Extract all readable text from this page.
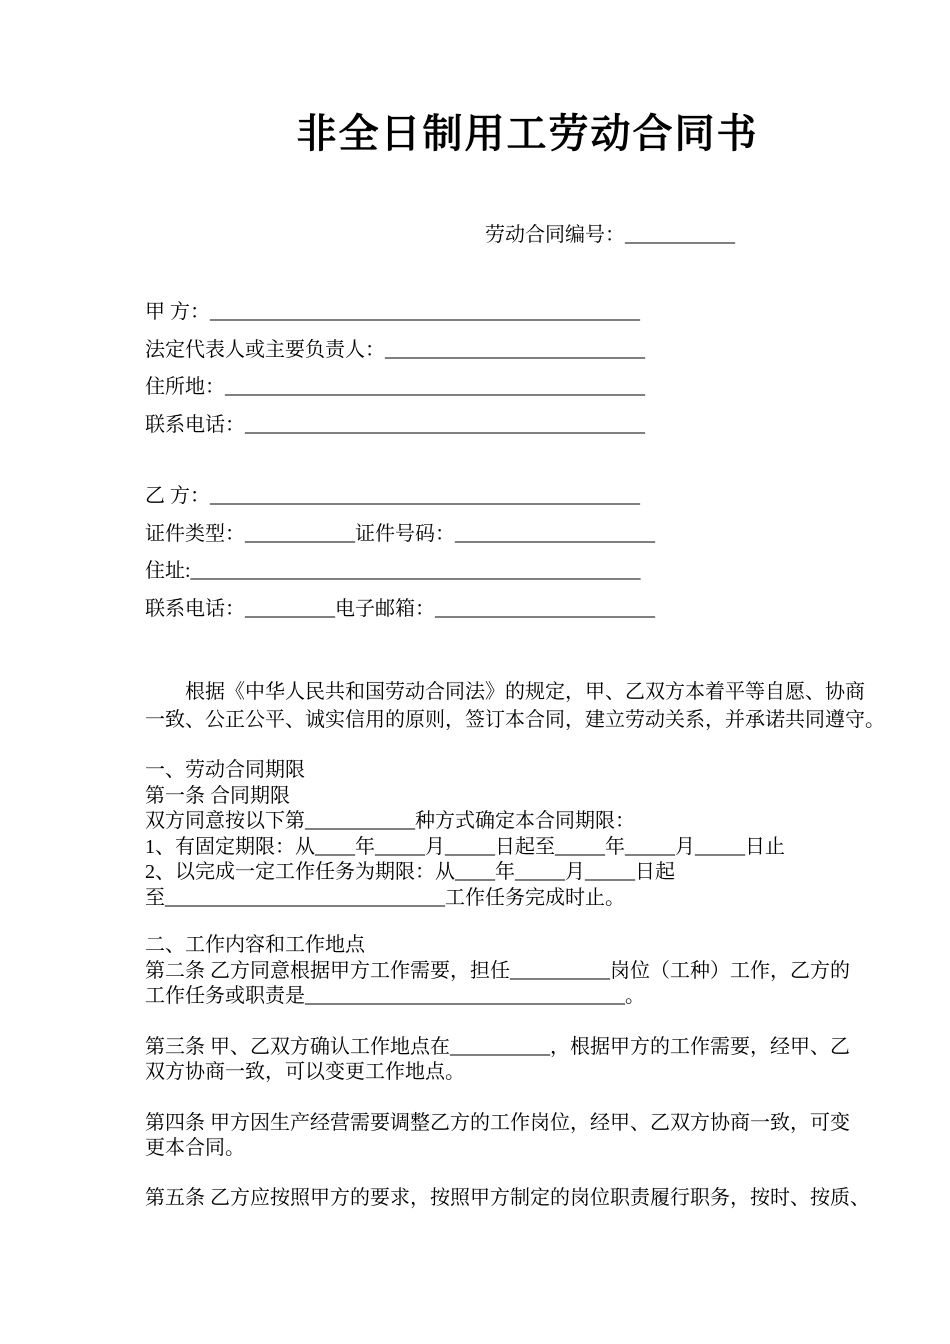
非全日制用工劳动合同书
劳动合同编号：___________
甲 方：___________________________________________
法定代表人或主要负责人：__________________________
住所地：__________________________________________
联系电话：________________________________________
乙 方：___________________________________________
证件类型：___________证件号码：____________________
住址:_____________________________________________
联系电话：_________电子邮箱：______________________
根据《中华人民共和国劳动合同法》的规定，甲、乙双方本着平等自愿、协商
一致、公正公平、诚实信用的原则，签订本合同，建立劳动关系，并承诺共同遵守。
一、劳动合同期限
第一条 合同期限
双方同意按以下第___________种方式确定本合同期限：
1、有固定期限：从____年_____月_____日起至_____年_____月_____日止
2、以完成一定工作任务为期限：从____年_____月_____日起
至____________________________工作任务完成时止。
二、工作内容和工作地点
第二条 乙方同意根据甲方工作需要，担任__________岗位（工种）工作，乙方的
工作任务或职责是________________________________。
第三条 甲、乙双方确认工作地点在__________，根据甲方的工作需要，经甲、乙
双方协商一致，可以变更工作地点。
第四条 甲方因生产经营需要调整乙方的工作岗位，经甲、乙双方协商一致，可变
更本合同。
第五条 乙方应按照甲方的要求，按照甲方制定的岗位职责履行职务，按时、按质、
